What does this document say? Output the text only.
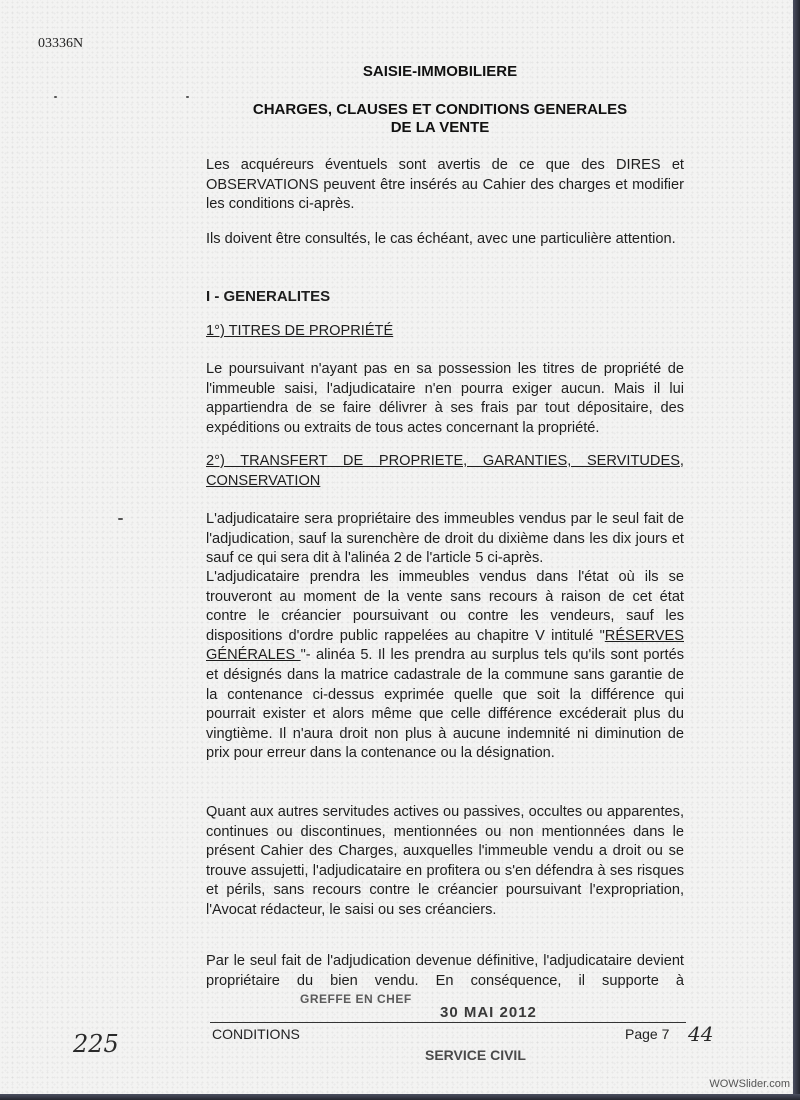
03336N
SAISIE-IMMOBILIERE
CHARGES, CLAUSES ET CONDITIONS GENERALES
DE LA VENTE

Les acquéreurs éventuels sont avertis de ce que des DIRES et OBSERVATIONS peuvent être insérés au Cahier des charges et modifier les conditions ci-après.

Ils doivent être consultés, le cas échéant, avec une particulière attention.

I - GENERALITES
1°) TITRES DE PROPRIÉTÉ

Le poursuivant n'ayant pas en sa possession les titres de propriété de l'immeuble saisi, l'adjudicataire n'en pourra exiger aucun. Mais il lui appartiendra de se faire délivrer à ses frais par tout dépositaire, des expéditions ou extraits de tous actes concernant la propriété.

2°) TRANSFERT DE PROPRIETE, GARANTIES, SERVITUDES,
CONSERVATION

L'adjudicataire sera propriétaire des immeubles vendus par le seul fait de l'adjudication, sauf la surenchère de droit du dixième dans les dix jours et sauf ce qui sera dit à l'alinéa 2 de l'article 5 ci-après.

L'adjudicataire prendra les immeubles vendus dans l'état où ils se trouveront au moment de la vente sans recours à raison de cet état contre le créancier poursuivant ou contre les vendeurs, sauf les dispositions d'ordre public rappelées au chapitre V intitulé "RÉSERVES GÉNÉRALES "- alinéa 5. Il les prendra au surplus tels qu'ils sont portés et désignés dans la matrice cadastrale de la commune sans garantie de la contenance ci-dessus exprimée quelle que soit la différence qui pourrait exister et alors même que celle différence excéderait plus du vingtième. Il n'aura droit non plus à aucune indemnité ni diminution de prix pour erreur dans la contenance ou la désignation.

Quant aux autres servitudes actives ou passives, occultes ou apparentes, continues ou discontinues, mentionnées ou non mentionnées dans le présent Cahier des Charges, auxquelles l'immeuble vendu a droit ou se trouve assujetti, l'adjudicataire en profitera ou s'en défendra à ses risques et périls, sans recours contre le créancier poursuivant l'expropriation, l'Avocat rédacteur, le saisi ou ses créanciers.

Par le seul fait de l'adjudication devenue définitive, l'adjudicataire devient propriétaire du bien vendu. En conséquence, il supporte à

GREFFE EN CHEF
30 MAI 2012
CONDITIONS	Page 7
SERVICE CIVIL
225	44
WOWSlider.com
